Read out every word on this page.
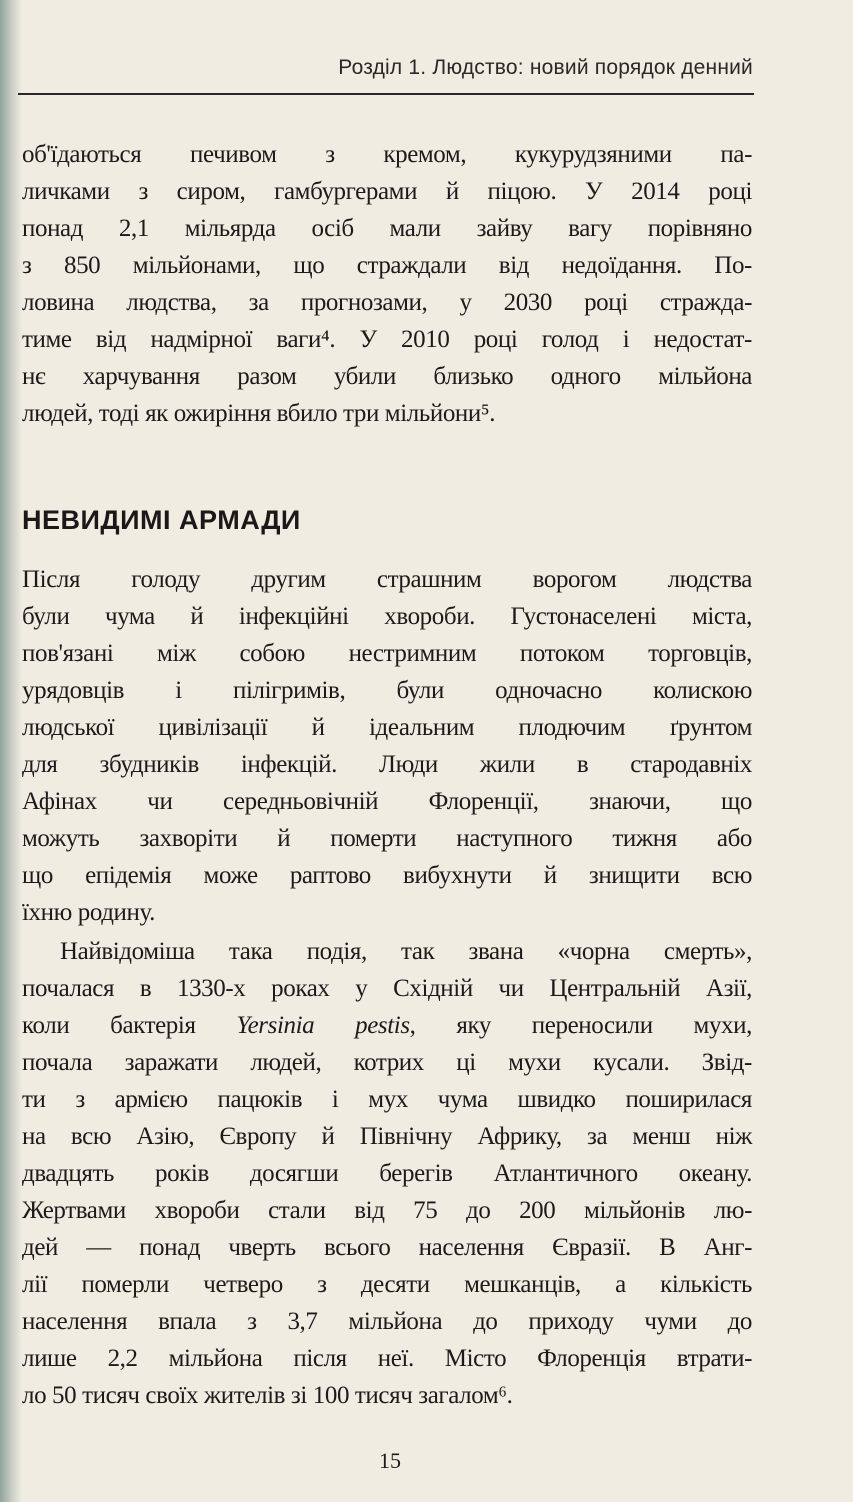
Розділ 1. Людство: новий порядок денний
об'їдаються печивом з кремом, кукурудзяними па-
личками з сиром, гамбургерами й піцою. У 2014 році
понад 2,1 мільярда осіб мали зайву вагу порівняно
з 850 мільйонами, що страждали від недоїдання. По-
ловина людства, за прогнозами, у 2030 році стражда-
тиме від надмірної ваги⁴. У 2010 році голод і недостат-
нє харчування разом убили близько одного мільйона
людей, тоді як ожиріння вбило три мільйони⁵.
НЕВИДИМІ АРМАДИ
Після голоду другим страшним ворогом людства
були чума й інфекційні хвороби. Густонаселені міста,
пов'язані між собою нестримним потоком торговців,
урядовців і пілігримів, були одночасно колискою
людської цивілізації й ідеальним плодючим ґрунтом
для збудників інфекцій. Люди жили в стародавніх
Афінах чи середньовічній Флоренції, знаючи, що
можуть захворіти й померти наступного тижня або
що епідемія може раптово вибухнути й знищити всю
їхню родину.
Найвідоміша така подія, так звана «чорна смерть»,
почалася в 1330-х роках у Східній чи Центральній Азії,
коли бактерія Yersinia pestis, яку переносили мухи,
почала заражати людей, котрих ці мухи кусали. Звід-
ти з армією пацюків і мух чума швидко поширилася
на всю Азію, Європу й Північну Африку, за менш ніж
двадцять років досягши берегів Атлантичного океану.
Жертвами хвороби стали від 75 до 200 мільйонів лю-
дей — понад чверть всього населення Євразії. В Анг-
лії померли четверо з десяти мешканців, а кількість
населення впала з 3,7 мільйона до приходу чуми до
лише 2,2 мільйона після неї. Місто Флоренція втрати-
ло 50 тисяч своїх жителів зі 100 тисяч загалом⁶.
15
